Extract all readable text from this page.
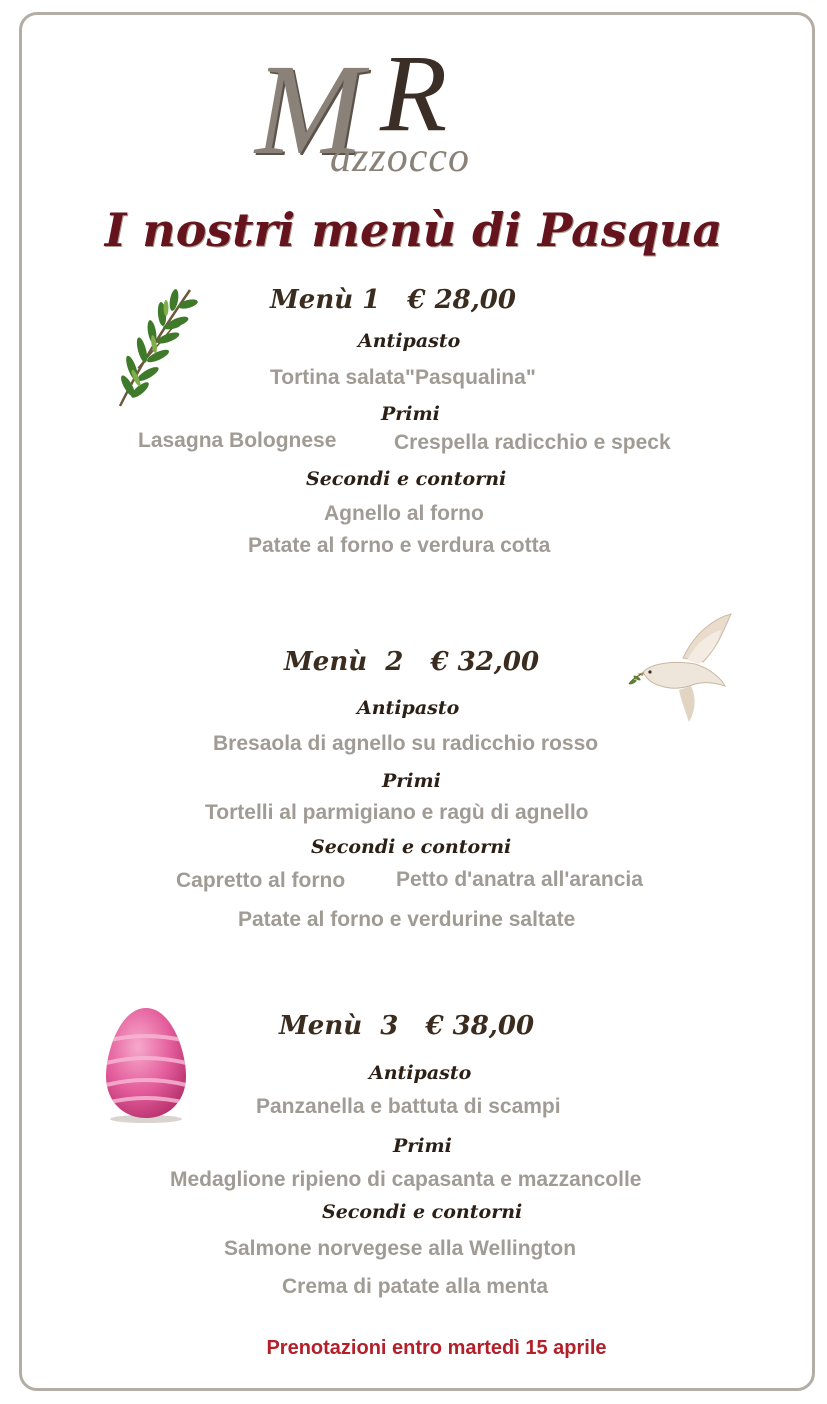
M R
azzocco
I nostri menù di Pasqua
Menù 1   € 28,00
Antipasto
Tortina salata"Pasqualina"
Primi
Lasagna Bolognese	Crespella radicchio e speck
Secondi e contorni
Agnello al forno
Patate al forno e verdura cotta
Menù  2   € 32,00
Antipasto
Bresaola di agnello su radicchio rosso
Primi
Tortelli al parmigiano e ragù di agnello
Secondi e contorni
Capretto al forno Petto d'anatra all'arancia
Patate al forno e verdurine saltate
Menù  3   € 38,00
Antipasto
Panzanella e battuta di scampi
Primi
Medaglione ripieno di capasanta e mazzancolle
Secondi e contorni
Salmone norvegese alla Wellington
Crema di patate alla menta
Prenotazioni entro martedì 15 aprile
